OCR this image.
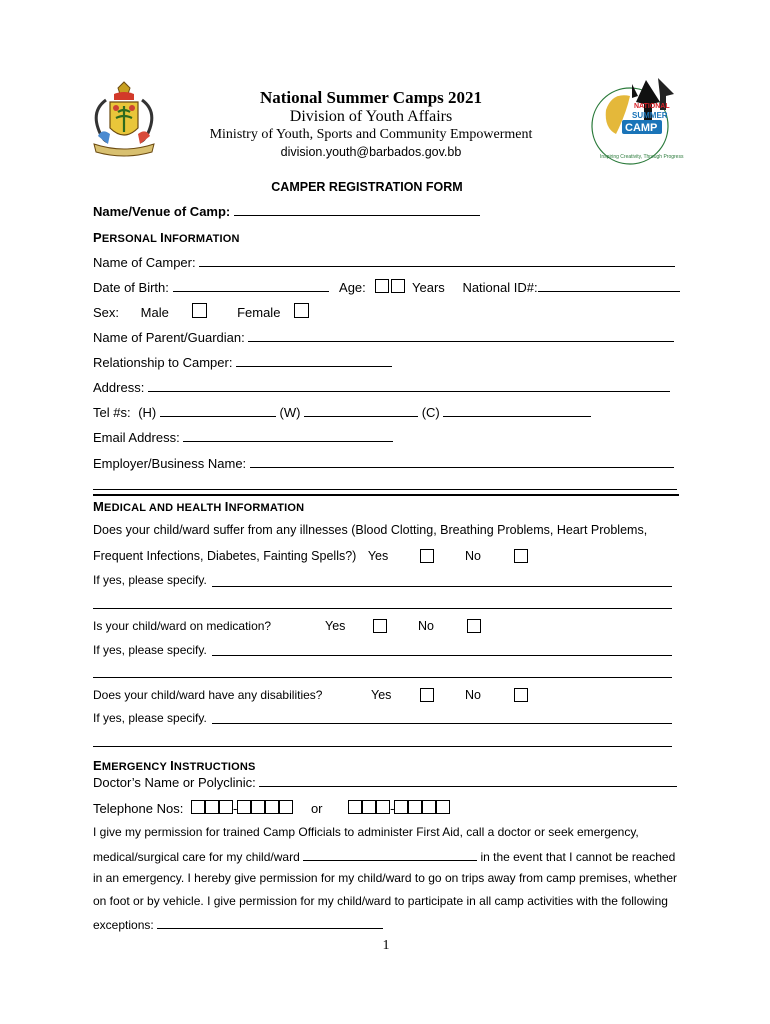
NATIONAL
SUMMER
CAMP
Inspiring Creativity, Through Progress
National Summer Camps 2021
Division of Youth Affairs
Ministry of Youth, Sports and Community Empowerment
division.youth@barbados.gov.bb
CAMPER REGISTRATION FORM
Name/Venue of Camp:
PERSONAL INFORMATION
Name of Camper:
Date of Birth:	Age:	Years National ID#:
Sex: Male	Female
Name of Parent/Guardian:
Relationship to Camper:
Address:
Tel #s: (H)	(W)	(C)
Email Address:
Employer/Business Name:
MEDICAL AND HEALTH INFORMATION
Does your child/ward suffer from any illnesses (Blood Clotting, Breathing Problems, Heart Problems,
Frequent Infections, Diabetes, Fainting Spells?) Yes	No
If yes, please specify.
Is your child/ward on medication?	Yes	No
If yes, please specify.
Does your child/ward have any disabilities?	Yes	No
If yes, please specify.
EMERGENCY INSTRUCTIONS
Doctor’s Name or Polyclinic:
Telephone Nos:	-	or	-
I give my permission for trained Camp Officials to administer First Aid, call a doctor or seek emergency,
medical/surgical care for my child/ward	in the event that I cannot be reached
in an emergency. I hereby give permission for my child/ward to go on trips away from camp premises, whether
on foot or by vehicle. I give permission for my child/ward to participate in all camp activities with the following
exceptions:
1
